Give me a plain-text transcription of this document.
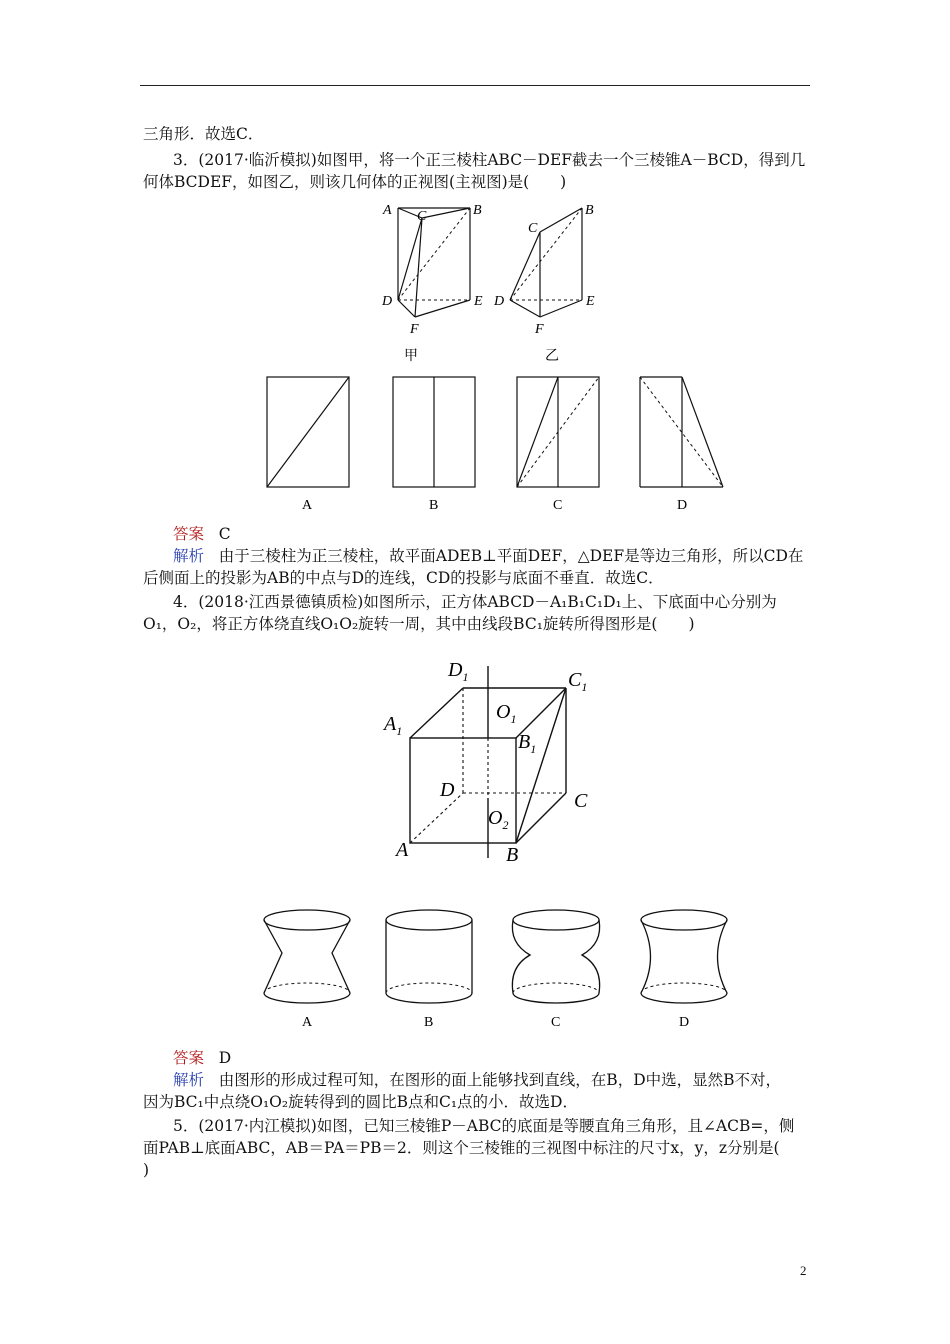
三角形．故选C．
3．(2017·临沂模拟)如图甲，将一个正三棱柱ABC－DEF截去一个三棱锥A－BCD，得到几
何体BCDEF，如图乙，则该几何体的正视图(主视图)是(　　)
A	B
C
D	E
F
甲
B
C
D	E
F
乙
A	B	C	D
答案 C
解析 由于三棱柱为正三棱柱，故平面ADEB⊥平面DEF，△DEF是等边三角形，所以CD在
后侧面上的投影为AB的中点与D的连线，CD的投影与底面不垂直．故选C．
4．(2018·江西景德镇质检)如图所示，正方体ABCD－A₁B₁C₁D₁上、下底面中心分别为
O₁，O₂，将正方体绕直线O₁O₂旋转一周，其中由线段BC₁旋转所得图形是(　　)
$D_1$	$C_1$
$A_1$
$O_1$
$B_1$
D	C
$O_2$
A	B
A	B	C	D
答案 D
解析 由图形的形成过程可知，在图形的面上能够找到直线，在B，D中选，显然B不对，
因为BC₁中点绕O₁O₂旋转得到的圆比B点和C₁点的小．故选D．
5．(2017·内江模拟)如图，已知三棱锥P－ABC的底面是等腰直角三角形，且∠ACB=，侧
面PAB⊥底面ABC，AB＝PA＝PB＝2．则这个三棱锥的三视图中标注的尺寸x，y，z分别是(
)
2
